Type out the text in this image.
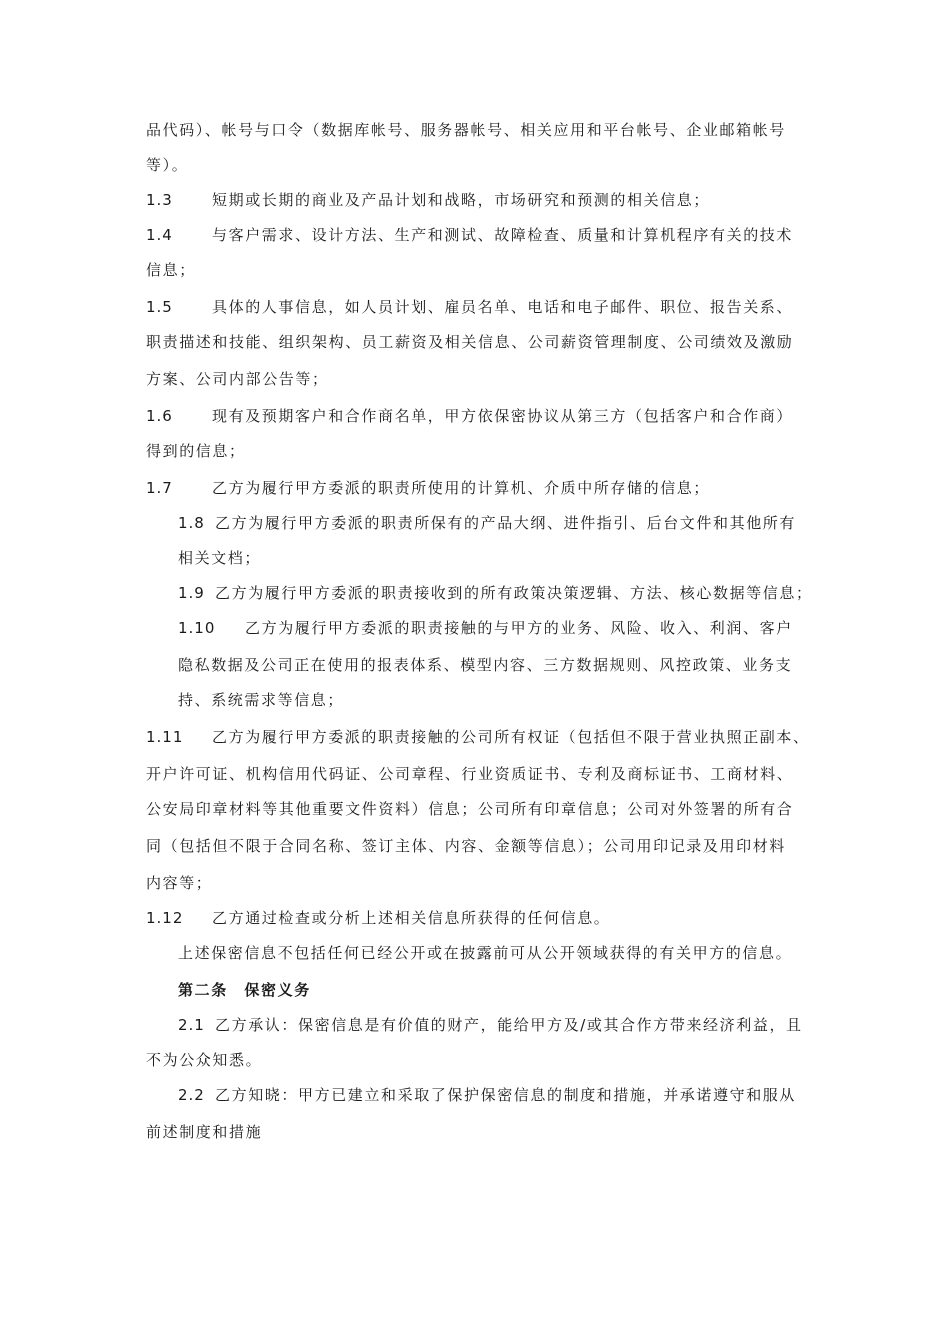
品代码）、帐号与口令（数据库帐号、服务器帐号、相关应用和平台帐号、企业邮箱帐号

等）。

1.3	短期或长期的商业及产品计划和战略，市场研究和预测的相关信息；

1.4	与客户需求、设计方法、生产和测试、故障检查、质量和计算机程序有关的技术

信息；

1.5	具体的人事信息，如人员计划、雇员名单、电话和电子邮件、职位、报告关系、

职责描述和技能、组织架构、员工薪资及相关信息、公司薪资管理制度、公司绩效及激励

方案、公司内部公告等；

1.6	现有及预期客户和合作商名单，甲方依保密协议从第三方（包括客户和合作商）

得到的信息；

1.7	乙方为履行甲方委派的职责所使用的计算机、介质中所存储的信息；

1.8 乙方为履行甲方委派的职责所保有的产品大纲、进件指引、后台文件和其他所有

相关文档；

1.9 乙方为履行甲方委派的职责接收到的所有政策决策逻辑、方法、核心数据等信息；

1.10 乙方为履行甲方委派的职责接触的与甲方的业务、风险、收入、利润、客户

隐私数据及公司正在使用的报表体系、模型内容、三方数据规则、风控政策、业务支

持、系统需求等信息；

1.11 乙方为履行甲方委派的职责接触的公司所有权证（包括但不限于营业执照正副本、

开户许可证、机构信用代码证、公司章程、行业资质证书、专利及商标证书、工商材料、

公安局印章材料等其他重要文件资料）信息；公司所有印章信息；公司对外签署的所有合

同（包括但不限于合同名称、签订主体、内容、金额等信息）；公司用印记录及用印材料

内容等；

1.12 乙方通过检查或分析上述相关信息所获得的任何信息。

上述保密信息不包括任何已经公开或在披露前可从公开领域获得的有关甲方的信息。

第二条　保密义务

2.1 乙方承认：保密信息是有价值的财产，能给甲方及/或其合作方带来经济利益，且

不为公众知悉。

2.2 乙方知晓：甲方已建立和采取了保护保密信息的制度和措施，并承诺遵守和服从

前述制度和措施
